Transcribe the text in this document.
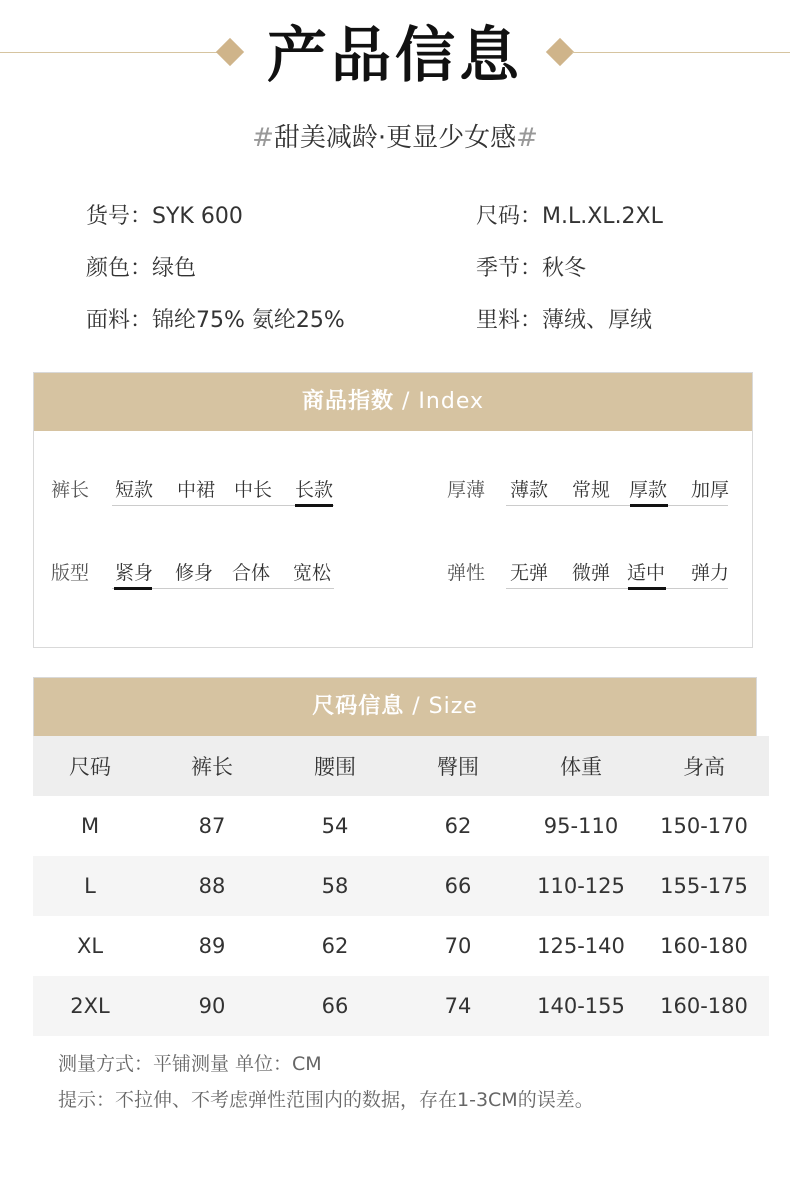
产品信息
#甜美减龄·更显少女感#
货号：SYK 600	尺码：M.L.XL.2XL
颜色：绿色	季节：秋冬
面料：锦纶75% 氨纶25%	里料：薄绒、厚绒
商品指数 / Index
裤长 短款 中裙 中长 长款	厚薄 薄款 常规 厚款 加厚
版型 紧身 修身 合体 宽松	弹性 无弹 微弹 适中 弹力
尺码信息 / Size
尺码	裤长	腰围	臀围	体重	身高
M	87	54	62	95-110	150-170
L	88	58	66	110-125	155-175
XL	89	62	70	125-140	160-180
2XL	90	66	74	140-155	160-180
测量方式：平铺测量 单位：CM
提示：不拉伸、不考虑弹性范围内的数据，存在1-3CM的误差。
